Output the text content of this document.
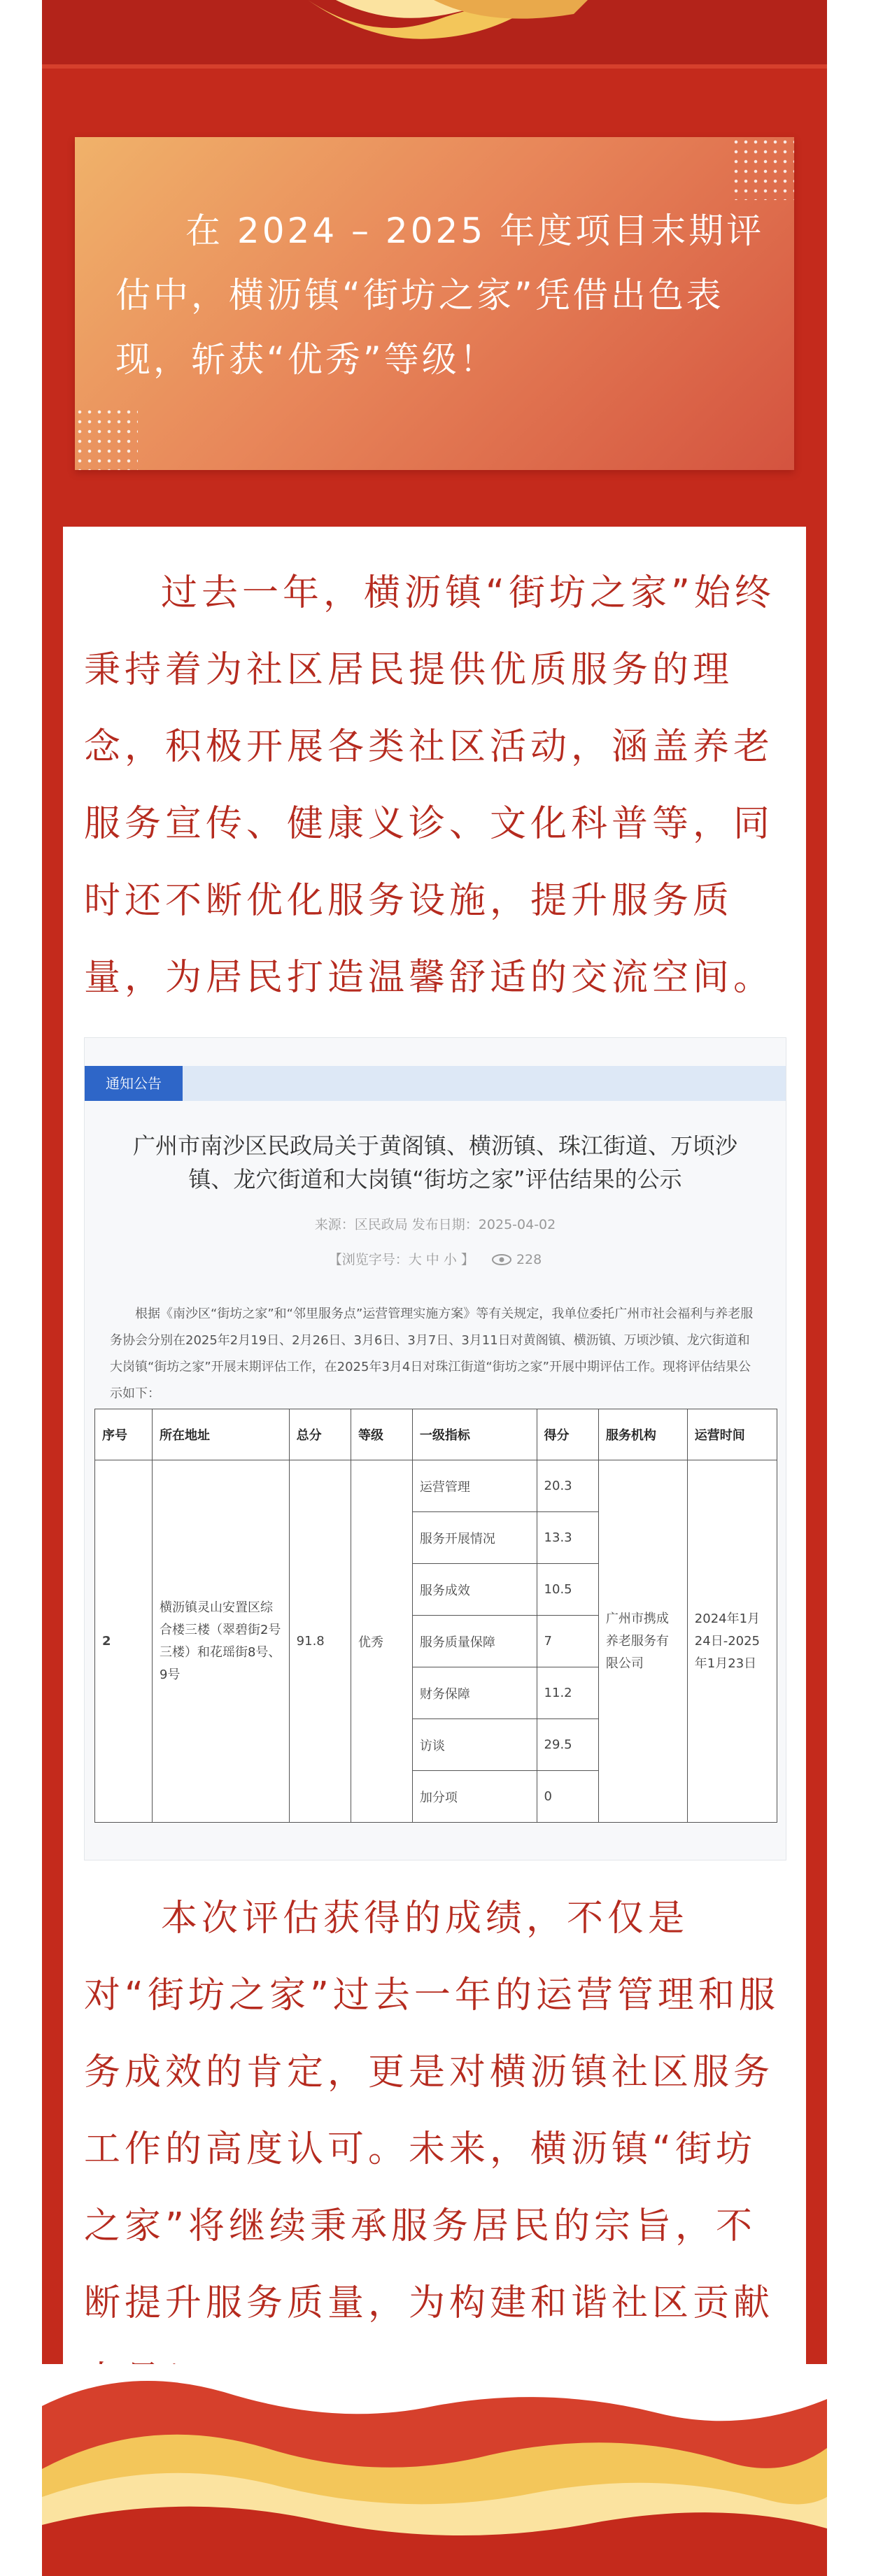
在 2024 – 2025 年度项目末期评估中，横沥镇“街坊之家”凭借出色表现，斩获“优秀”等级！
过去一年，横沥镇“街坊之家”始终秉持着为社区居民提供优质服务的理念，积极开展各类社区活动，涵盖养老服务宣传、健康义诊、文化科普等，同时还不断优化服务设施，提升服务质量，为居民打造温馨舒适的交流空间。
通知公告
广州市南沙区民政局关于黄阁镇、横沥镇、珠江街道、万顷沙镇、龙穴街道和大岗镇“街坊之家”评估结果的公示
来源：区民政局 发布日期：2025-04-02
【浏览字号：大 中 小 】	228
根据《南沙区“街坊之家”和“邻里服务点”运营管理实施方案》等有关规定，我单位委托广州市社会福利与养老服务协会分别在2025年2月19日、2月26日、3月6日、3月7日、3月11日对黄阁镇、横沥镇、万顷沙镇、龙穴街道和大岗镇“街坊之家”开展末期评估工作，在2025年3月4日对珠江街道“街坊之家”开展中期评估工作。现将评估结果公示如下：
序号	所在地址	总分	等级	一级指标	得分	服务机构	运营时间
2	横沥镇灵山安置区综合楼三楼（翠碧街2号三楼）和花瑶街8号、9号	91.8	优秀	运营管理	20.3	广州市携成养老服务有限公司	2024年1月24日-2025年1月23日
				服务开展情况	13.3		
				服务成效	10.5		
				服务质量保障	7		
				财务保障	11.2		
				访谈	29.5		
				加分项	0		
本次评估获得的成绩，不仅是对“街坊之家”过去一年的运营管理和服务成效的肯定，更是对横沥镇社区服务工作的高度认可。未来，横沥镇“街坊之家”将继续秉承服务居民的宗旨，不断提升服务质量，为构建和谐社区贡献
